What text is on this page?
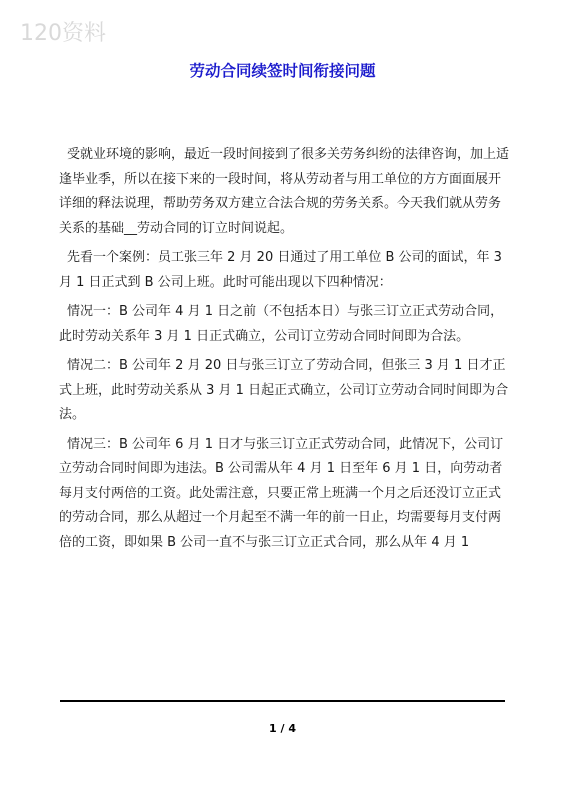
120资料
劳动合同续签时间衔接问题

受就业环境的影响，最近一段时间接到了很多关劳务纠纷的法律咨询，加上适逢毕业季，所以在接下来的一段时间，将从劳动者与用工单位的方方面面展开详细的释法说理，帮助劳务双方建立合法合规的劳务关系。今天我们就从劳务关系的基础__劳动合同的订立时间说起。

先看一个案例：员工张三年 2 月 20 日通过了用工单位 B 公司的面试，年 3 月 1 日正式到 B 公司上班。此时可能出现以下四种情况：

情况一：B 公司年 4 月 1 日之前（不包括本日）与张三订立正式劳动合同，此时劳动关系年 3 月 1 日正式确立，公司订立劳动合同时间即为合法。

情况二：B 公司年 2 月 20 日与张三订立了劳动合同，但张三 3 月 1 日才正式上班，此时劳动关系从 3 月 1 日起正式确立，公司订立劳动合同时间即为合法。

情况三：B 公司年 6 月 1 日才与张三订立正式劳动合同，此情况下，公司订立劳动合同时间即为违法。B 公司需从年 4 月 1 日至年 6 月 1 日，向劳动者每月支付两倍的工资。此处需注意，只要正常上班满一个月之后还没订立正式的劳动合同，那么从超过一个月起至不满一年的前一日止，均需要每月支付两倍的工资，即如果 B 公司一直不与张三订立正式合同，那么从年 4 月 1

1 / 4
